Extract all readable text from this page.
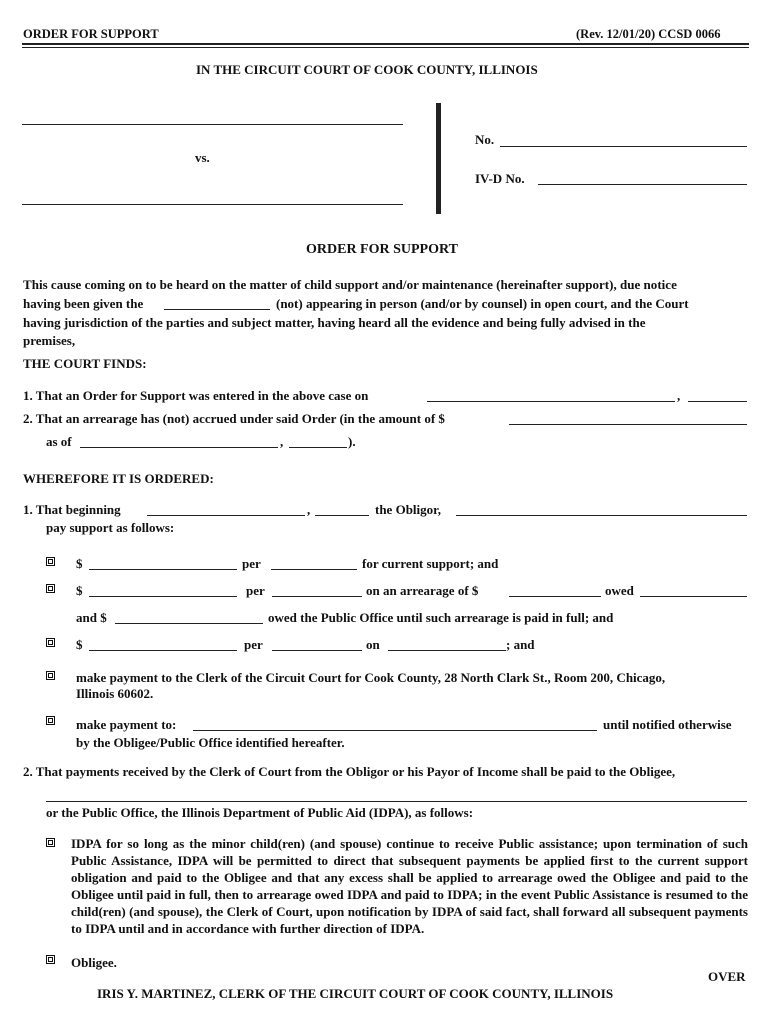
ORDER FOR SUPPORT	(Rev. 12/01/20) CCSD 0066
IN THE CIRCUIT COURT OF COOK COUNTY, ILLINOIS
vs.
No.
IV-D No.
ORDER FOR SUPPORT
This cause coming on to be heard on the matter of child support and/or maintenance (hereinafter support), due notice
having been given the	(not) appearing in person (and/or by counsel) in open court, and the Court
having jurisdiction of the parties and subject matter, having heard all the evidence and being fully advised in the
premises,
THE COURT FINDS:
1. That an Order for Support was entered in the above case on	,
2. That an arrearage has (not) accrued under said Order (in the amount of $
as of	,	).
WHEREFORE IT IS ORDERED:
1. That beginning	,	the Obligor,
pay support as follows:
$	per	for current support; and
$	per	on an arrearage of $	owed
and $	owed the Public Office until such arrearage is paid in full; and
$	per	on	; and
make payment to the Clerk of the Circuit Court for Cook County, 28 North Clark St., Room 200, Chicago,
Illinois 60602.
make payment to:	until notified otherwise
by the Obligee/Public Office identified hereafter.
2. That payments received by the Clerk of Court from the Obligor or his Payor of Income shall be paid to the Obligee,
or the Public Office, the Illinois Department of Public Aid (IDPA), as follows:
IDPA for so long as the minor child(ren) (and spouse) continue to receive Public assistance; upon termination of such Public Assistance, IDPA will be permitted to direct that subsequent payments be applied first to the current support obligation and paid to the Obligee and that any excess shall be applied to arrearage owed the Obligee and paid to the Obligee until paid in full, then to arrearage owed IDPA and paid to IDPA; in the event Public Assistance is resumed to the child(ren) (and spouse), the Clerk of Court, upon notification by IDPA of said fact, shall forward all subsequent payments to IDPA until and in accordance with further direction of IDPA.
Obligee.
OVER
IRIS Y. MARTINEZ, CLERK OF THE CIRCUIT COURT OF COOK COUNTY, ILLINOIS
